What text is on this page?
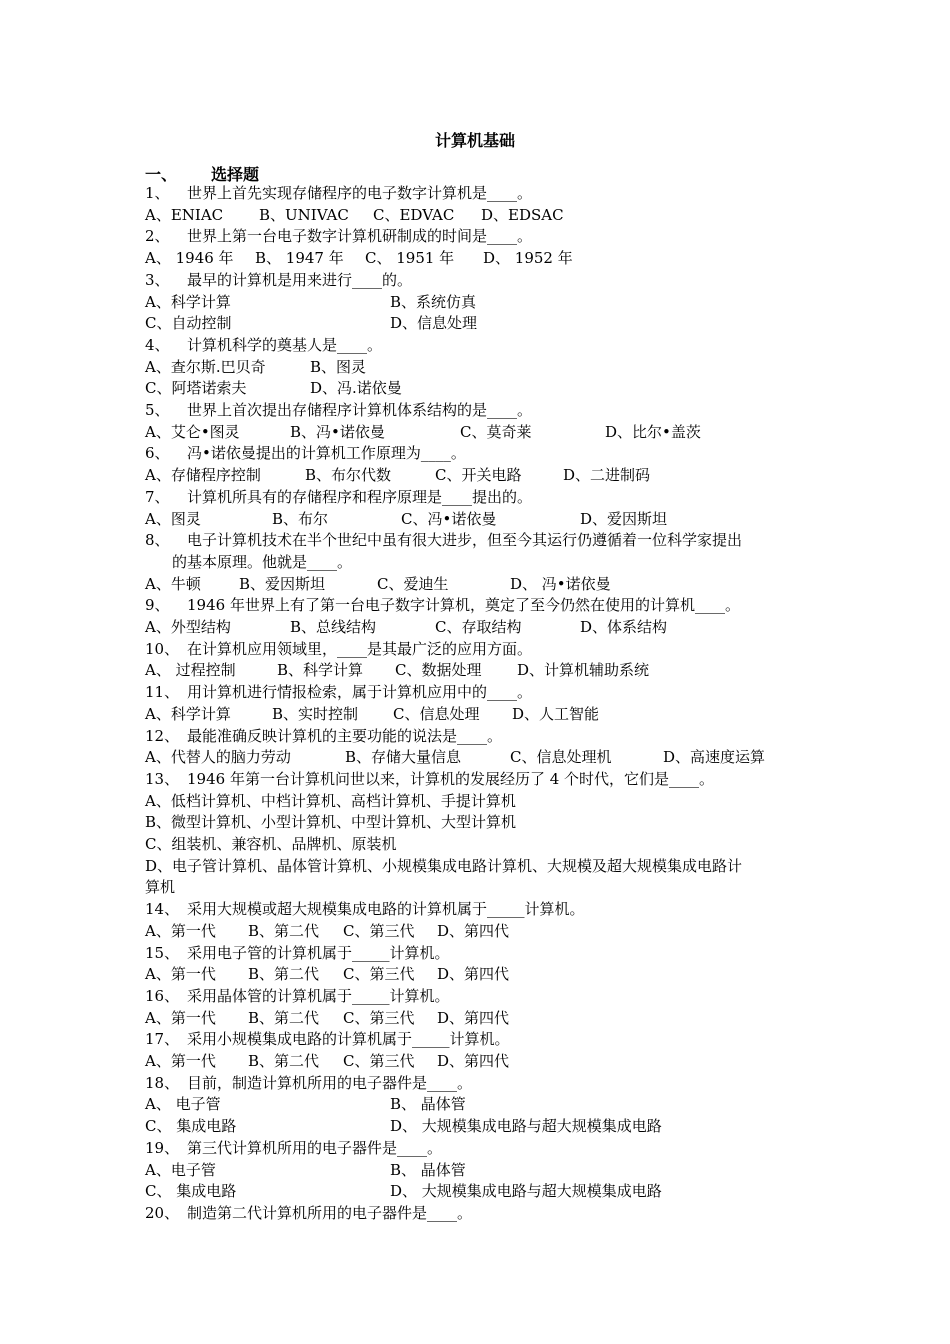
计算机基础
一、 选择题
1、 世界上首先实现存储程序的电子数字计算机是____。
A、ENIAC B、UNIVAC C、EDVAC D、EDSAC
2、 世界上第一台电子数字计算机研制成的时间是____。
A、 1946 年 B、 1947 年 C、 1951 年 D、 1952 年
3、 最早的计算机是用来进行____的。
A、科学计算	B、系统仿真
C、自动控制	D、信息处理
4、 计算机科学的奠基人是____。
A、查尔斯.巴贝奇	B、图灵
C、阿塔诺索夫	D、冯.诺依曼
5、 世界上首次提出存储程序计算机体系结构的是____。
A、艾仑•图灵	B、冯•诺依曼	C、莫奇莱	D、比尔•盖茨
6、 冯•诺依曼提出的计算机工作原理为____。
A、存储程序控制	B、布尔代数	C、开关电路	D、二进制码
7、 计算机所具有的存储程序和程序原理是____提出的。
A、图灵	B、布尔	C、冯•诺依曼	D、爱因斯坦
8、 电子计算机技术在半个世纪中虽有很大进步，但至今其运行仍遵循着一位科学家提出
的基本原理。他就是____。
A、牛顿	B、爱因斯坦	C、爱迪生	D、 冯•诺依曼
9、 1946 年世界上有了第一台电子数字计算机，奠定了至今仍然在使用的计算机____。
A、外型结构	B、总线结构	C、存取结构	D、体系结构
10、 在计算机应用领域里，____是其最广泛的应用方面。
A、 过程控制	B、科学计算 C、数据处理 D、计算机辅助系统
11、 用计算机进行情报检索，属于计算机应用中的____。
A、科学计算	B、实时控制 C、信息处理 D、人工智能
12、 最能准确反映计算机的主要功能的说法是____。
A、代替人的脑力劳动	B、存储大量信息	C、信息处理机	D、高速度运算
13、 1946 年第一台计算机问世以来，计算机的发展经历了 4 个时代，它们是____。
A、低档计算机、中档计算机、高档计算机、手提计算机
B、微型计算机、小型计算机、中型计算机、大型计算机
C、组装机、兼容机、品牌机、原装机
D、电子管计算机、晶体管计算机、小规模集成电路计算机、大规模及超大规模集成电路计
算机
14、 采用大规模或超大规模集成电路的计算机属于_____计算机。
A、第一代 B、第二代 C、第三代 D、第四代
15、 采用电子管的计算机属于_____计算机。
A、第一代 B、第二代 C、第三代 D、第四代
16、 采用晶体管的计算机属于_____计算机。
A、第一代 B、第二代 C、第三代 D、第四代
17、 采用小规模集成电路的计算机属于_____计算机。
A、第一代 B、第二代 C、第三代 D、第四代
18、 目前，制造计算机所用的电子器件是____。
A、 电子管	B、 晶体管
C、 集成电路	D、 大规模集成电路与超大规模集成电路
19、 第三代计算机所用的电子器件是____。
A、电子管	B、 晶体管
C、 集成电路	D、 大规模集成电路与超大规模集成电路
20、 制造第二代计算机所用的电子器件是____。
